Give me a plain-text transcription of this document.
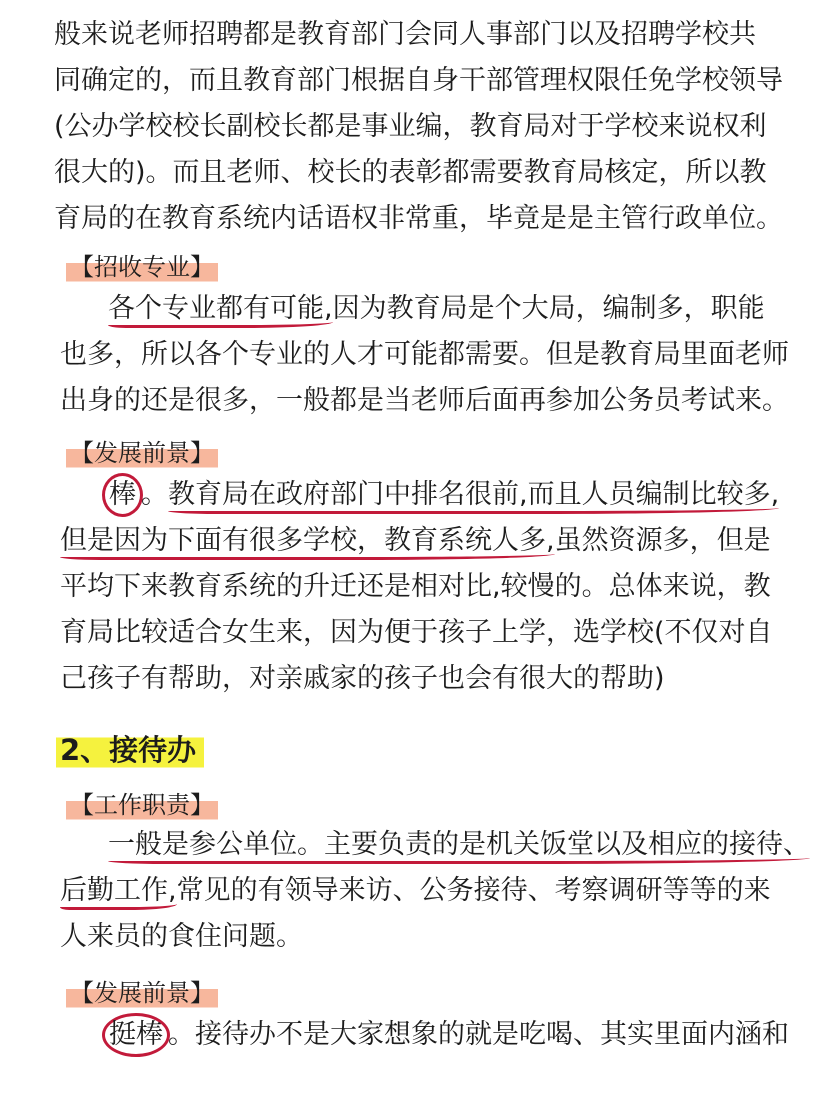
般来说老师招聘都是教育部门会同人事部门以及招聘学校共
同确定的，而且教育部门根据自身干部管理权限任免学校领导
(公办学校校长副校长都是事业编，教育局对于学校来说权利
很大的)。而且老师、校长的表彰都需要教育局核定，所以教
育局的在教育系统内话语权非常重，毕竟是是主管行政单位。
【招收专业】
各个专业都有可能,因为教育局是个大局，编制多，职能
也多，所以各个专业的人才可能都需要。但是教育局里面老师
出身的还是很多，一般都是当老师后面再参加公务员考试来。
【发展前景】
棒 。教育局在政府部门中排名很前,而且人员编制比较多,
但是因为下面有很多学校，教育系统人多,虽然资源多，但是
平均下来教育系统的升迁还是相对比,较慢的。总体来说，教
育局比较适合女生来，因为便于孩子上学，选学校(不仅对自
己孩子有帮助，对亲戚家的孩子也会有很大的帮助)
2、接待办
【工作职责】
一般是参公单位。主要负责的是机关饭堂以及相应的接待、
后勤工作,常见的有领导来访、公务接待、考察调研等等的来
人来员的食住问题。
【发展前景】
挺棒 。接待办不是大家想象的就是吃喝、其实里面内涵和
